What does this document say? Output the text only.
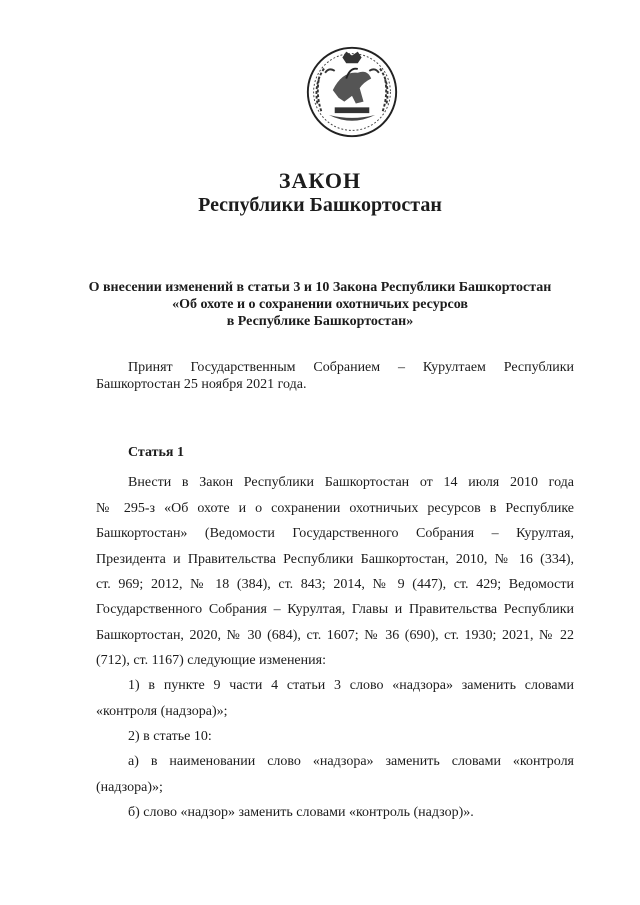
ЗАКОН
Республики Башкортостан
О внесении изменений в статьи 3 и 10 Закона Республики Башкортостан
«Об охоте и о сохранении охотничьих ресурсов
в Республике Башкортостан»
Принят Государственным Собранием – Курултаем Республики
Башкортостан 25 ноября 2021 года.
Статья 1
Внести в Закон Республики Башкортостан от 14 июля 2010 года
№ 295-з «Об охоте и о сохранении охотничьих ресурсов в Республике
Башкортостан» (Ведомости Государственного Собрания – Курултая,
Президента и Правительства Республики Башкортостан, 2010, № 16 (334),
ст. 969; 2012, № 18 (384), ст. 843; 2014, № 9 (447), ст. 429; Ведомости
Государственного Собрания – Курултая, Главы и Правительства Республики
Башкортостан, 2020, № 30 (684), ст. 1607; № 36 (690), ст. 1930; 2021, № 22
(712), ст. 1167) следующие изменения:
1) в пункте 9 части 4 статьи 3 слово «надзора» заменить словами
«контроля (надзора)»;
2) в статье 10:
а) в наименовании слово «надзора» заменить словами «контроля
(надзора)»;
б) слово «надзор» заменить словами «контроль (надзор)».
